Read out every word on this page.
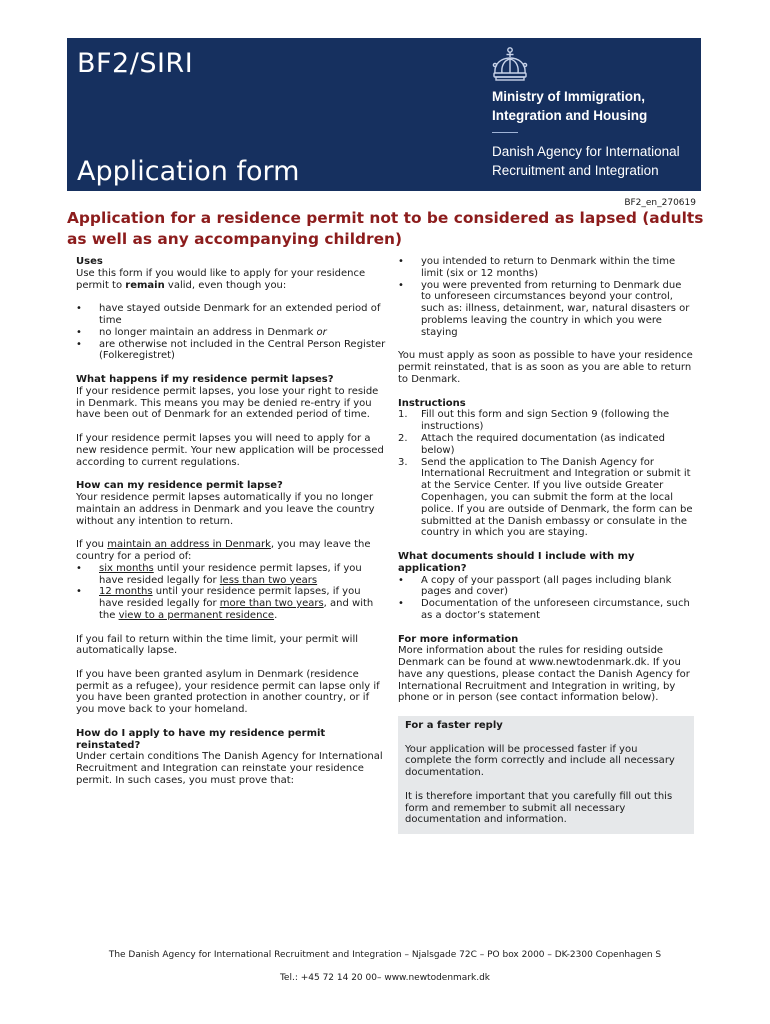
BF2/SIRI
Application form
Ministry of Immigration, Integration and Housing
Danish Agency for International Recruitment and Integration
BF2_en_270619
Application for a residence permit not to be considered as lapsed (adults as well as any accompanying children)

Uses

Use this form if you would like to apply for your residence permit to remain valid, even though you:

• have stayed outside Denmark for an extended period of time
• no longer maintain an address in Denmark or
• are otherwise not included in the Central Person Register (Folkeregistret)

What happens if my residence permit lapses?

If your residence permit lapses, you lose your right to reside in Denmark. This means you may be denied re-entry if you have been out of Denmark for an extended period of time.

If your residence permit lapses you will need to apply for a new residence permit. Your new application will be processed according to current regulations.

How can my residence permit lapse?

Your residence permit lapses automatically if you no longer maintain an address in Denmark and you leave the country without any intention to return.

If you maintain an address in Denmark, you may leave the country for a period of:

• six months until your residence permit lapses, if you have resided legally for less than two years
• 12 months until your residence permit lapses, if you have resided legally for more than two years, and with the view to a permanent residence.

If you fail to return within the time limit, your permit will automatically lapse.

If you have been granted asylum in Denmark (residence permit as a refugee), your residence permit can lapse only if you have been granted protection in another country, or if you move back to your homeland.

How do I apply to have my residence permit reinstated?

Under certain conditions The Danish Agency for International Recruitment and Integration can reinstate your residence permit. In such cases, you must prove that:

• you intended to return to Denmark within the time limit (six or 12 months)
• you were prevented from returning to Denmark due to unforeseen circumstances beyond your control, such as: illness, detainment, war, natural disasters or problems leaving the country in which you were staying

You must apply as soon as possible to have your residence permit reinstated, that is as soon as you are able to return to Denmark.

Instructions

1. Fill out this form and sign Section 9 (following the instructions)
2. Attach the required documentation (as indicated below)
3. Send the application to The Danish Agency for International Recruitment and Integration or submit it at the Service Center. If you live outside Greater Copenhagen, you can submit the form at the local police. If you are outside of Denmark, the form can be submitted at the Danish embassy or consulate in the country in which you are staying.

What documents should I include with my application?

• A copy of your passport (all pages including blank pages and cover)
• Documentation of the unforeseen circumstance, such as a doctor’s statement

For more information

More information about the rules for residing outside Denmark can be found at www.newtodenmark.dk. If you have any questions, please contact the Danish Agency for International Recruitment and Integration in writing, by phone or in person (see contact information below).

For a faster reply

Your application will be processed faster if you complete the form correctly and include all necessary documentation.

It is therefore important that you carefully fill out this form and remember to submit all necessary documentation and information.

The Danish Agency for International Recruitment and Integration – Njalsgade 72C – PO box 2000 – DK-2300 Copenhagen S
Tel.: +45 72 14 20 00– www.newtodenmark.dk
